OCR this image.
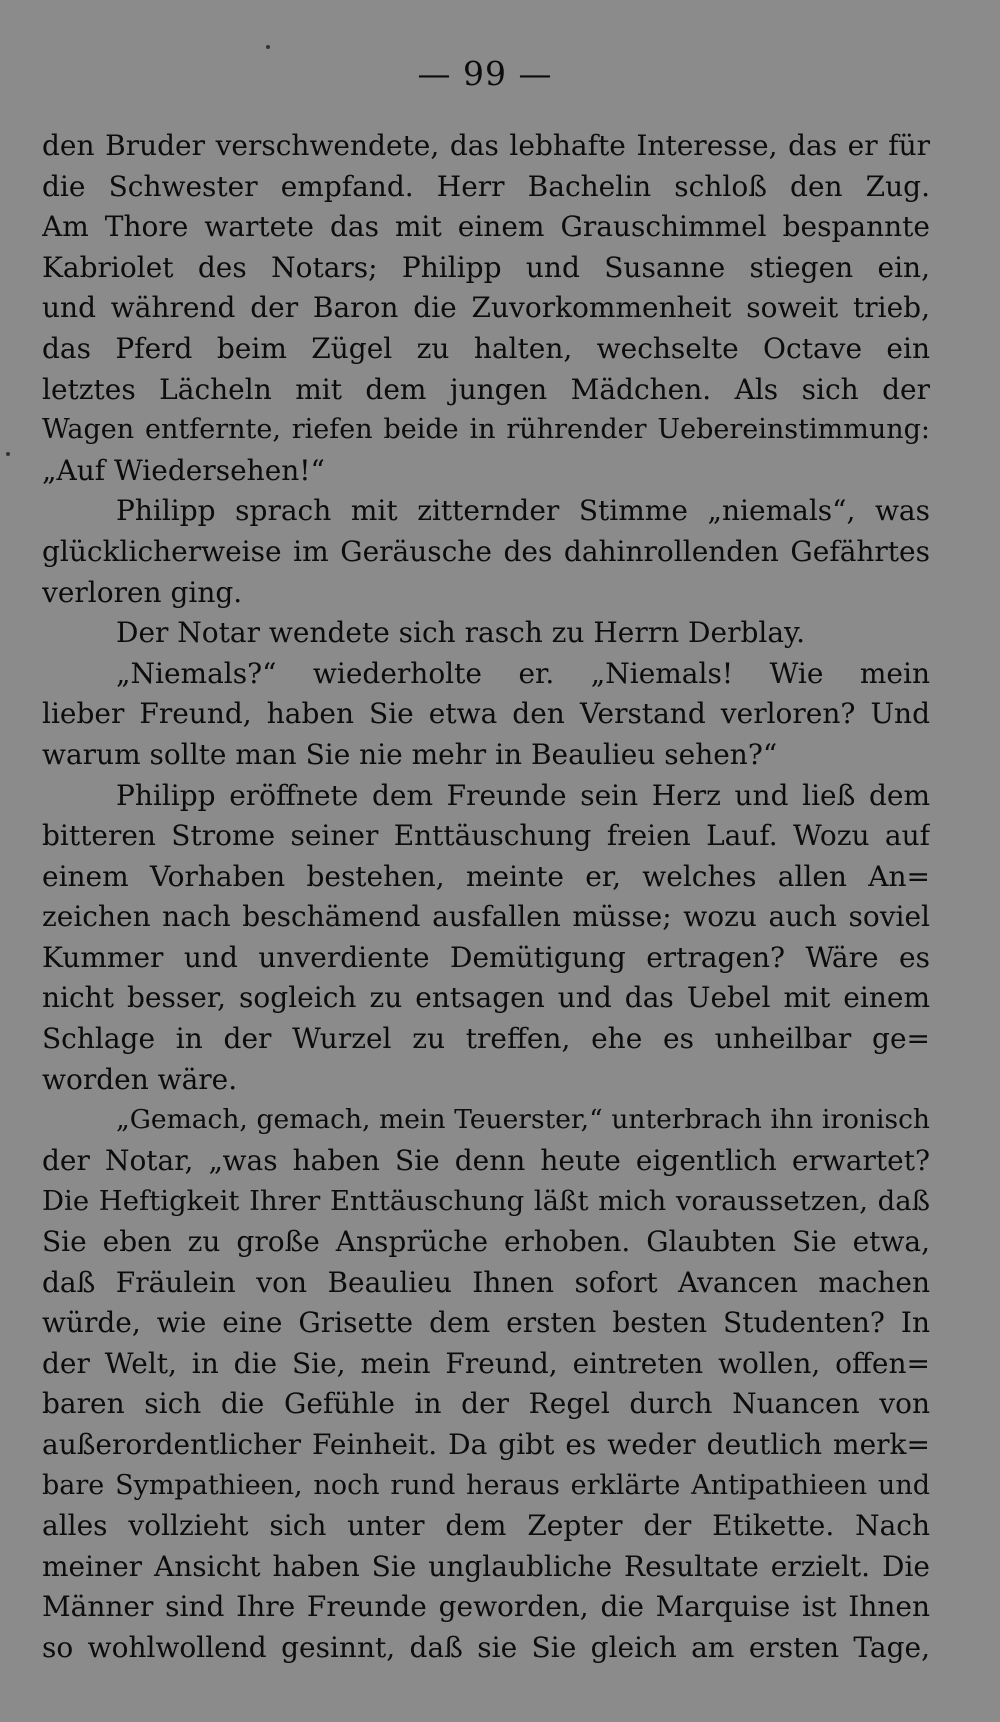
— 99 —
den Bruder verschwendete, das lebhafte Interesse, das er für
die Schwester empfand. Herr Bachelin schloß den Zug.
Am Thore wartete das mit einem Grauschimmel bespannte
Kabriolet des Notars; Philipp und Susanne stiegen ein,
und während der Baron die Zuvorkommenheit soweit trieb,
das Pferd beim Zügel zu halten, wechselte Octave ein
letztes Lächeln mit dem jungen Mädchen. Als sich der
Wagen entfernte, riefen beide in rührender Uebereinstimmung:
„Auf Wiedersehen!“
Philipp sprach mit zitternder Stimme „niemals“, was
glücklicherweise im Geräusche des dahinrollenden Gefährtes
verloren ging.
Der Notar wendete sich rasch zu Herrn Derblay.
„Niemals?“ wiederholte er. „Niemals! Wie mein
lieber Freund, haben Sie etwa den Verstand verloren? Und
warum sollte man Sie nie mehr in Beaulieu sehen?“
Philipp eröffnete dem Freunde sein Herz und ließ dem
bitteren Strome seiner Enttäuschung freien Lauf. Wozu auf
einem Vorhaben bestehen, meinte er, welches allen An=
zeichen nach beschämend ausfallen müsse; wozu auch soviel
Kummer und unverdiente Demütigung ertragen? Wäre es
nicht besser, sogleich zu entsagen und das Uebel mit einem
Schlage in der Wurzel zu treffen, ehe es unheilbar ge=
worden wäre.
„Gemach, gemach, mein Teuerster,“ unterbrach ihn ironisch
der Notar, „was haben Sie denn heute eigentlich erwartet?
Die Heftigkeit Ihrer Enttäuschung läßt mich voraussetzen, daß
Sie eben zu große Ansprüche erhoben. Glaubten Sie etwa,
daß Fräulein von Beaulieu Ihnen sofort Avancen machen
würde, wie eine Grisette dem ersten besten Studenten? In
der Welt, in die Sie, mein Freund, eintreten wollen, offen=
baren sich die Gefühle in der Regel durch Nuancen von
außerordentlicher Feinheit. Da gibt es weder deutlich merk=
bare Sympathieen, noch rund heraus erklärte Antipathieen und
alles vollzieht sich unter dem Zepter der Etikette. Nach
meiner Ansicht haben Sie unglaubliche Resultate erzielt. Die
Männer sind Ihre Freunde geworden, die Marquise ist Ihnen
so wohlwollend gesinnt, daß sie Sie gleich am ersten Tage,
